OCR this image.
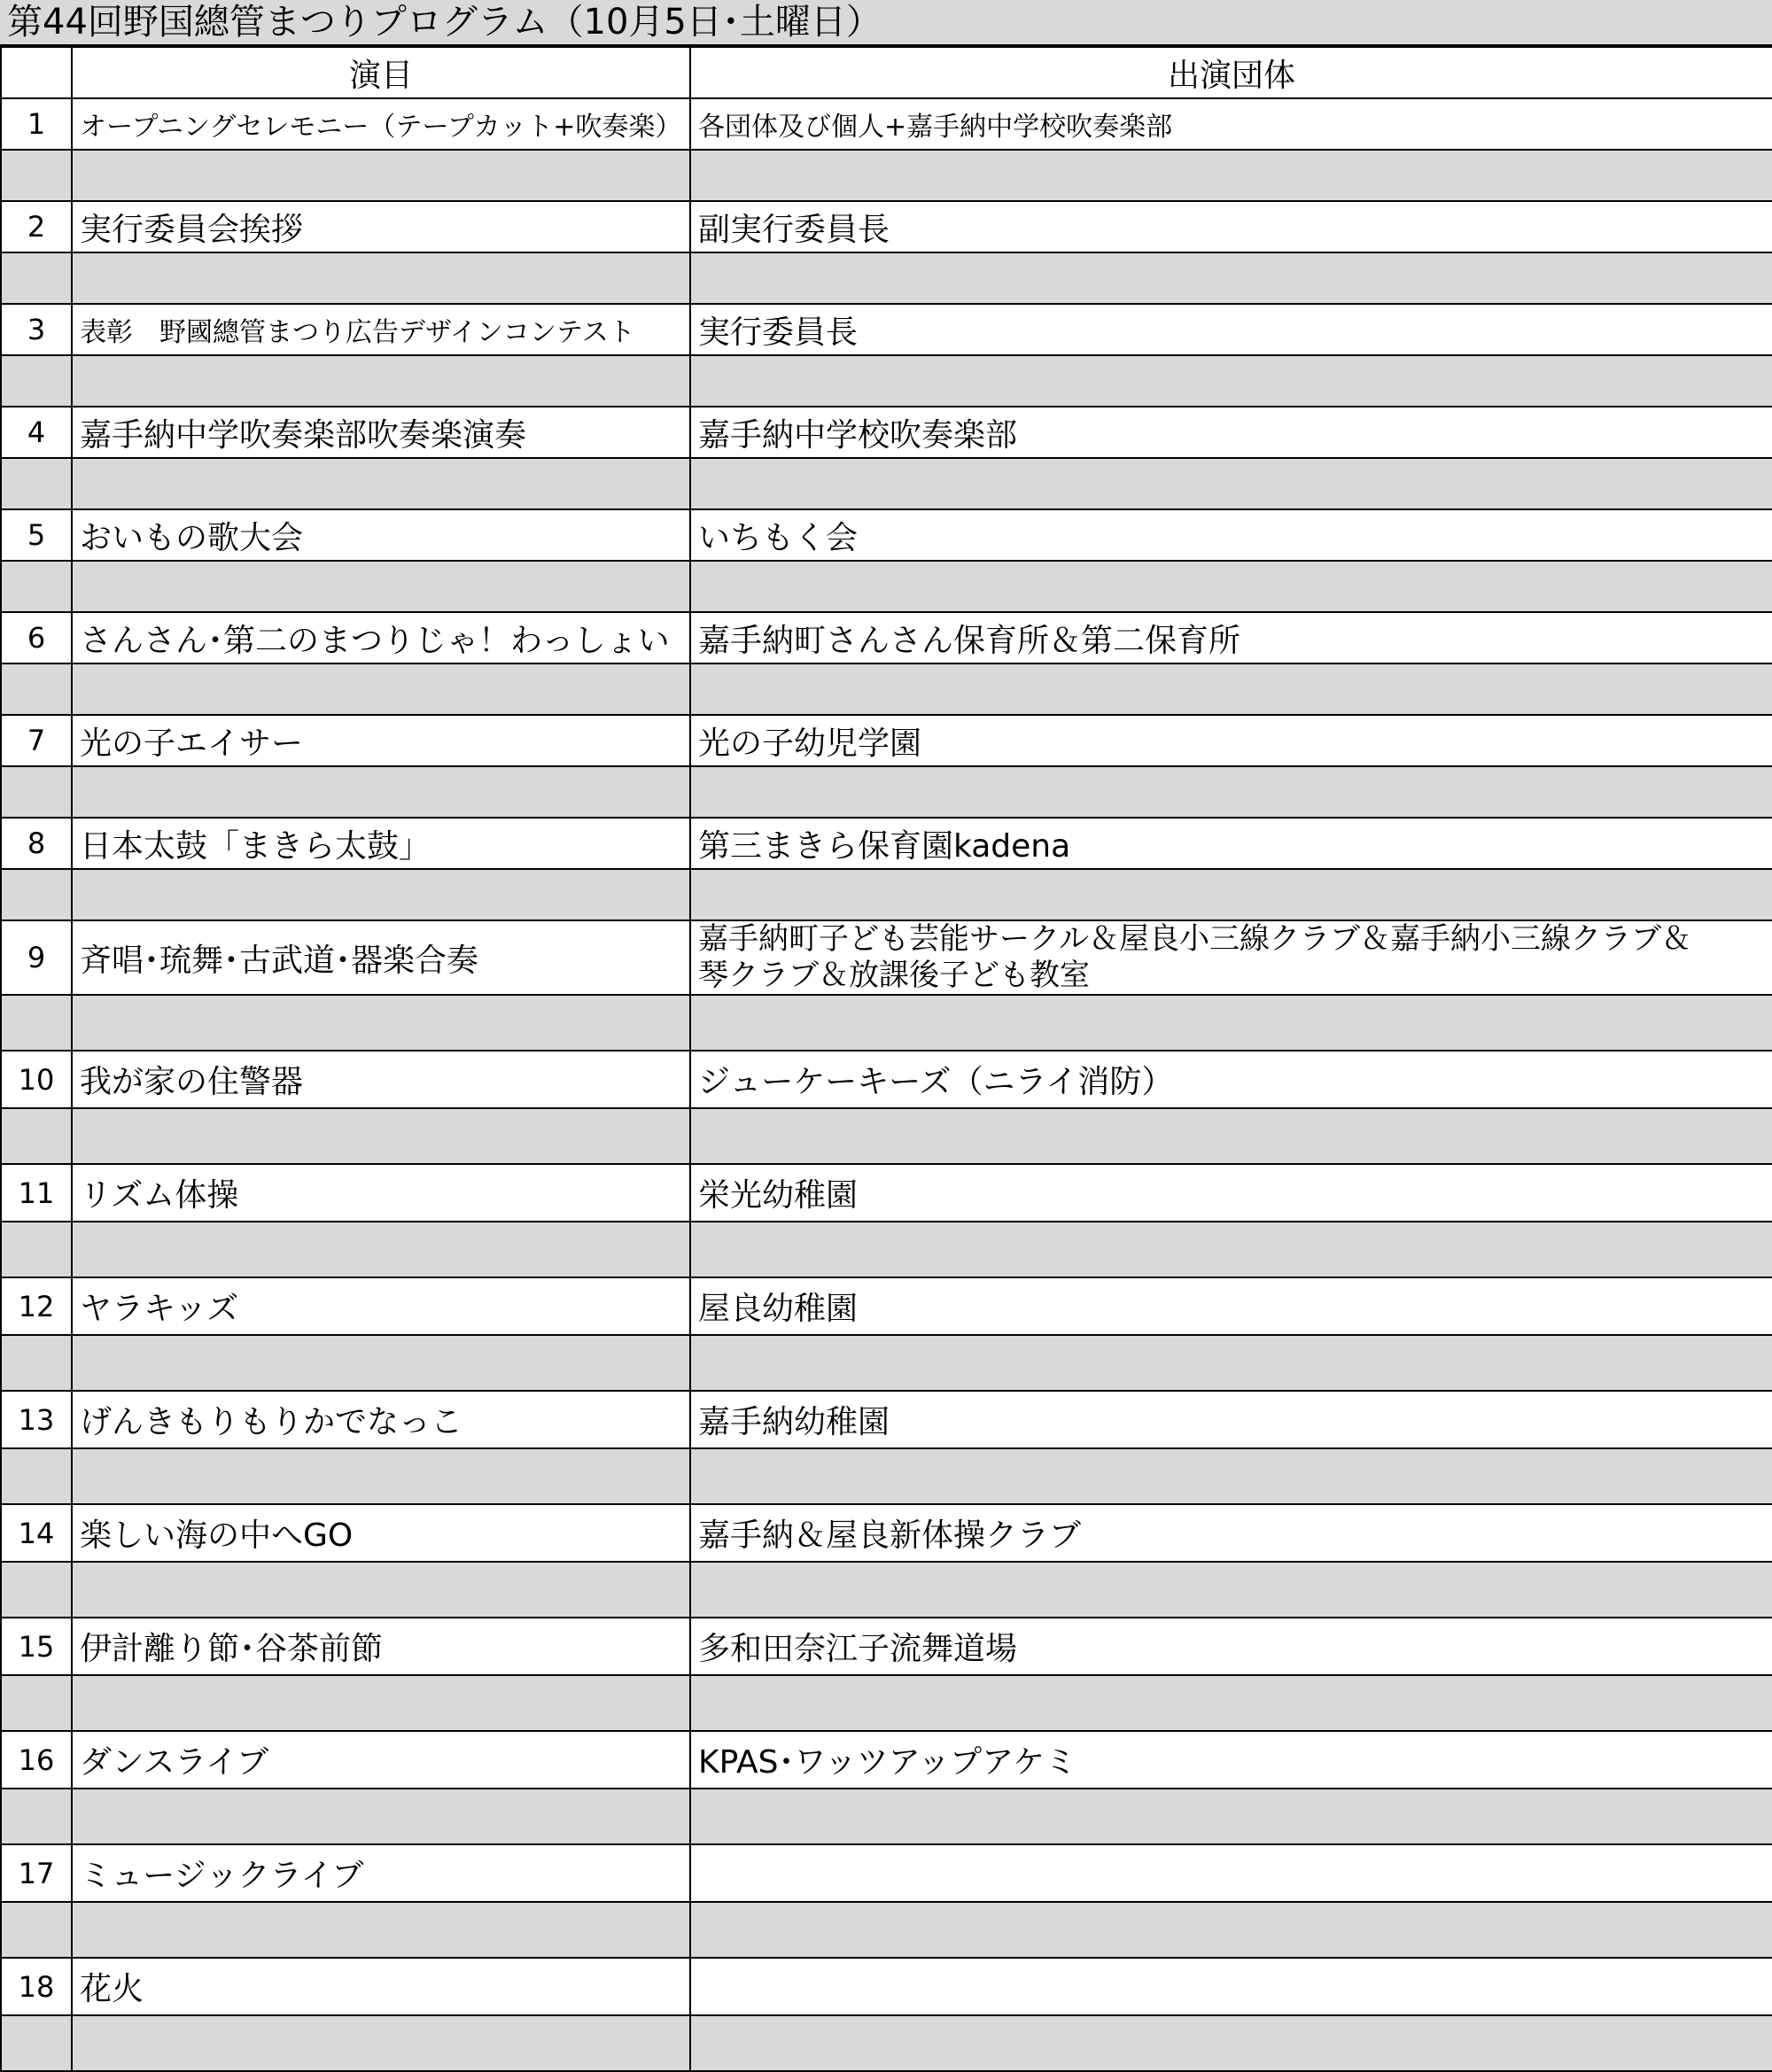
第44回野国總管まつりプログラム（10月5日･土曜日）
	演目	出演団体
1	オープニングセレモニー（テープカット+吹奏楽）	各団体及び個人+嘉手納中学校吹奏楽部

2	実行委員会挨拶	副実行委員長

3	表彰　野國總管まつり広告デザインコンテスト	実行委員長

4	嘉手納中学吹奏楽部吹奏楽演奏	嘉手納中学校吹奏楽部

5	おいもの歌大会	いちもく会

6	さんさん･第二のまつりじゃ！わっしょい	嘉手納町さんさん保育所＆第二保育所

7	光の子エイサー	光の子幼児学園

8	日本太鼓「まきら太鼓」	第三まきら保育園kadena

9	斉唱･琉舞･古武道･器楽合奏	嘉手納町子ども芸能サークル＆屋良小三線クラブ＆嘉手納小三線クラブ＆
琴クラブ＆放課後子ども教室

10	我が家の住警器	ジューケーキーズ（ニライ消防）

11	リズム体操	栄光幼稚園

12	ヤラキッズ	屋良幼稚園

13	げんきもりもりかでなっこ	嘉手納幼稚園

14	楽しい海の中へGO	嘉手納＆屋良新体操クラブ

15	伊計離り節･谷茶前節	多和田奈江子流舞道場

16	ダンスライブ	KPAS･ワッツアップアケミ

17	ミュージックライブ	

18	花火	
